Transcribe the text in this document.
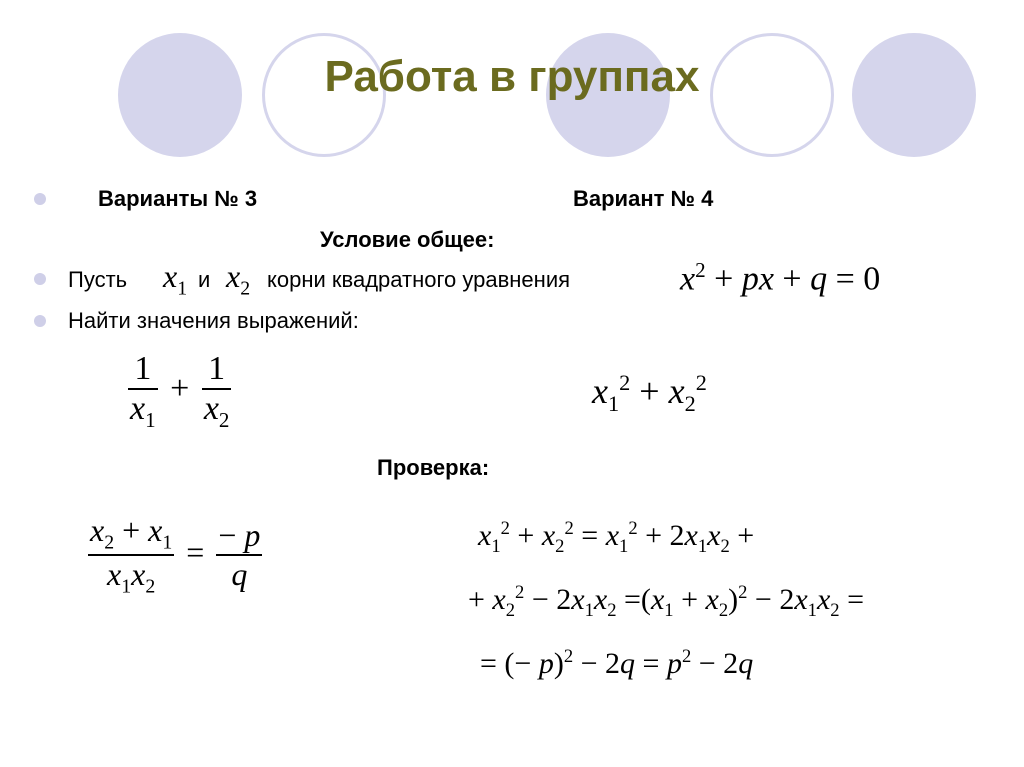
Работа в группах
Варианты № 3	Вариант № 4
Условие общее:
Пусть $x_1$ и $x_2$ корни квадратного уравнения	$x^2$ + px + q = 0
Найти значения выражений:
$\frac{1}{x_1} + \frac{1}{x_2}$	$x_1^2 + x_2^2$
Проверка:
$\frac{x_2 + x_1}{x_1x_2} = \frac{- p}{q}$	$x_1^2 + x_2^2 = x_1^2 + 2x_1x_2$ +
+ $x_2^2 - 2x_1x_2 =(x_1 + x_2)^2 - 2x_1x_2$ =
= (− $p)^2 - 2q = p^2 - 2q$
